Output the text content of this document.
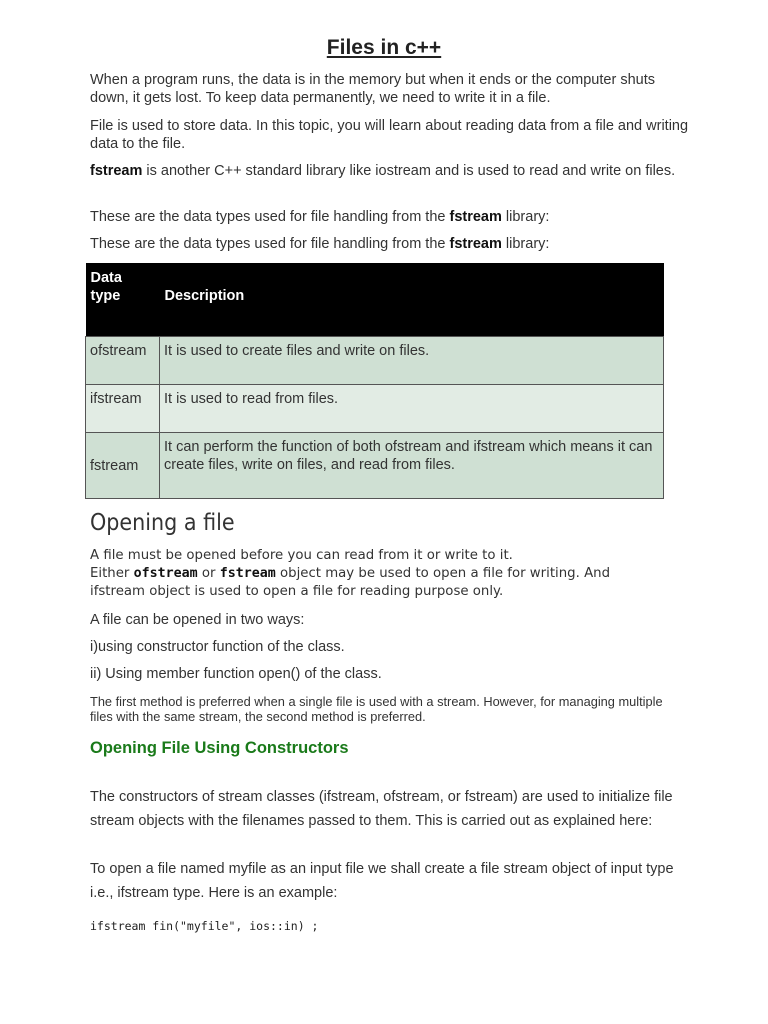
Files in c++
When a program runs, the data is in the memory but when it ends or the computer shuts down, it gets lost. To keep data permanently, we need to write it in a file.
File is used to store data. In this topic, you will learn about reading data from a file and writing data to the file.
fstream is another C++ standard library like iostream and is used to read and write on files.
These are the data types used for file handling from the fstream library:
These are the data types used for file handling from the fstream library:
Data type	Description
ofstream	It is used to create files and write on files.
ifstream	It is used to read from files.
fstream	It can perform the function of both ofstream and ifstream which means it can create files, write on files, and read from files.
Opening a file
A file must be opened before you can read from it or write to it.
Either ofstream or fstream object may be used to open a file for writing. And
ifstream object is used to open a file for reading purpose only.
A file can be opened in two ways:
i)using constructor function of the class.
ii) Using member function open() of the class.
The first method is preferred when a single file is used with a stream. However, for managing multiple files with the same stream, the second method is preferred.
Opening File Using Constructors
The constructors of stream classes (ifstream, ofstream, or fstream) are used to initialize file stream objects with the filenames passed to them. This is carried out as explained here:
To open a file named myfile as an input file we shall create a file stream object of input type i.e., ifstream type. Here is an example:
ifstream fin("myfile", ios::in) ;
